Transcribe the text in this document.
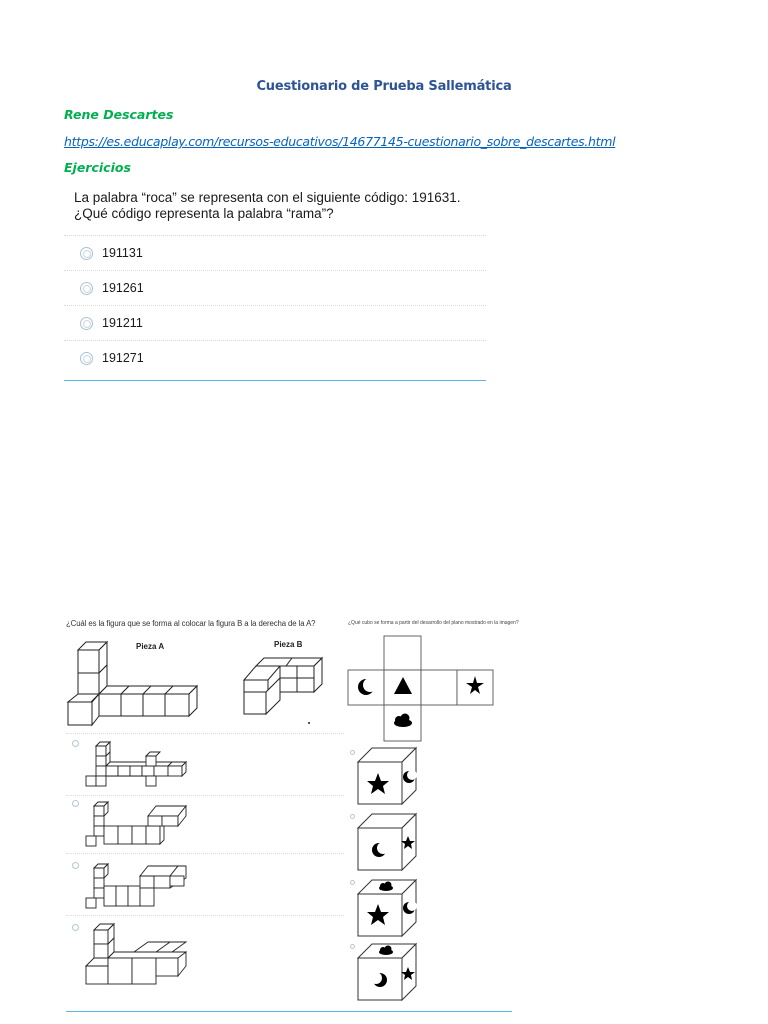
Cuestionario de Prueba Sallemática
Rene Descartes
https://es.educaplay.com/recursos-educativos/14677145-cuestionario_sobre_descartes.html
Ejercicios
La palabra “roca” se representa con el siguiente código: 191631.
¿Qué código representa la palabra “rama”?
191131
191261
191211
191271
¿Cuál es la figura que se forma al colocar la figura B a la derecha de la A?
Pieza A	Pieza B
¿Qué cubo se forma a partir del desarrollo del plano mostrado en la imagen?
